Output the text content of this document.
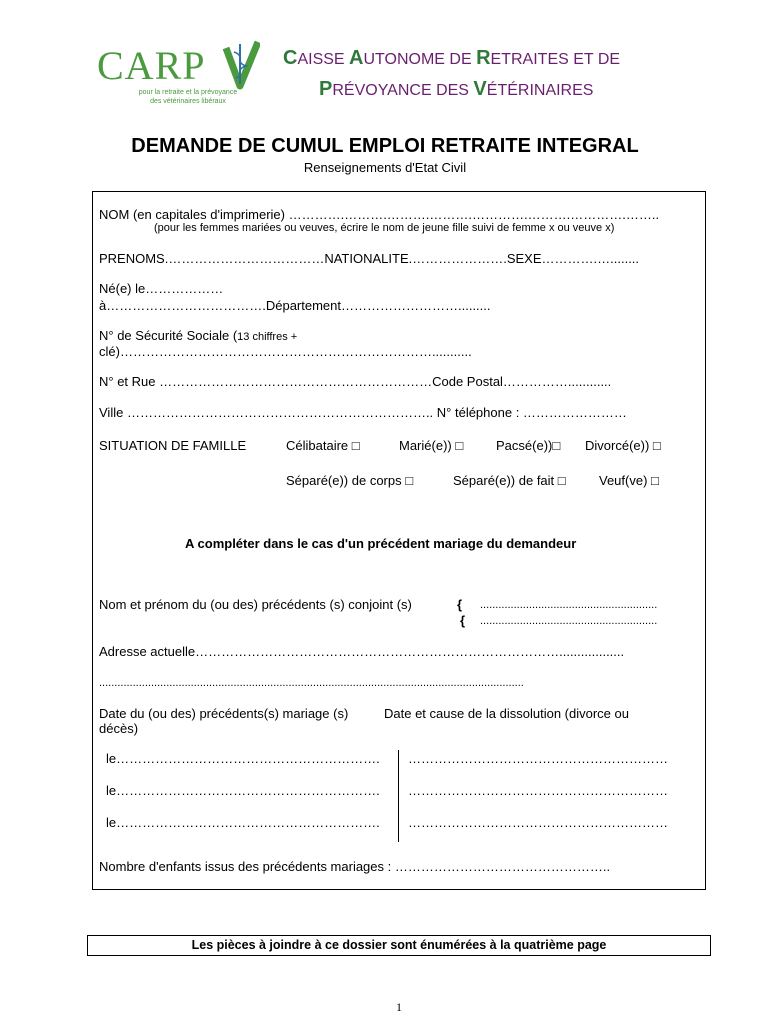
CARP
pour la retraite et la prévoyance
des vétérinaires libéraux
CAISSE AUTONOME DE RETRAITES ET DE
PRÉVOYANCE DES VÉTÉRINAIRES
DEMANDE DE CUMUL EMPLOI RETRAITE INTEGRAL
Renseignements d'Etat Civil
NOM (en capitales d'imprimerie) ………….……….……….……….………….……….………….……..
(pour les femmes mariées ou veuves, écrire le nom de jeune fille suivi de femme x ou veuve x)
PRENOMS.………………………………NATIONALITE.………………….SEXE………….…........
Né(e) le………………
à……………………………….Département……………………….........
N° de Sécurité Sociale (13 chiffres +
clé)………………………………………………………………...........
N° et Rue ………………………………………………………Code Postal……………............
Ville …………………………………………………………….. N° téléphone : ……………………
SITUATION DE FAMILLE	Célibataire □	Marié(e)) □	Pacsé(e))□ Divorcé(e)) □
Séparé(e)) de corps □	Séparé(e)) de fait □	Veuf(ve) □
A compléter dans le cas d'un précédent mariage du demandeur
Nom et prénom du (ou des) précédents (s) conjoint (s)	{ ..........................................................
{ ..........................................................
Adresse actuelle…………………………………………………………………………..................
...........................................................................................................................................
Date du (ou des) précédents(s) mariage (s)	Date et cause de la dissolution (divorce ou
décès)
le……………………………………………………. ……………………………………………………
le……………………………………………………. ……………………………………………………
le……………………………………………………. ……………………………………………………
Nombre d'enfants issus des précédents mariages : …………………………………………..
Les pièces à joindre à ce dossier sont énumérées à la quatrième page
1
